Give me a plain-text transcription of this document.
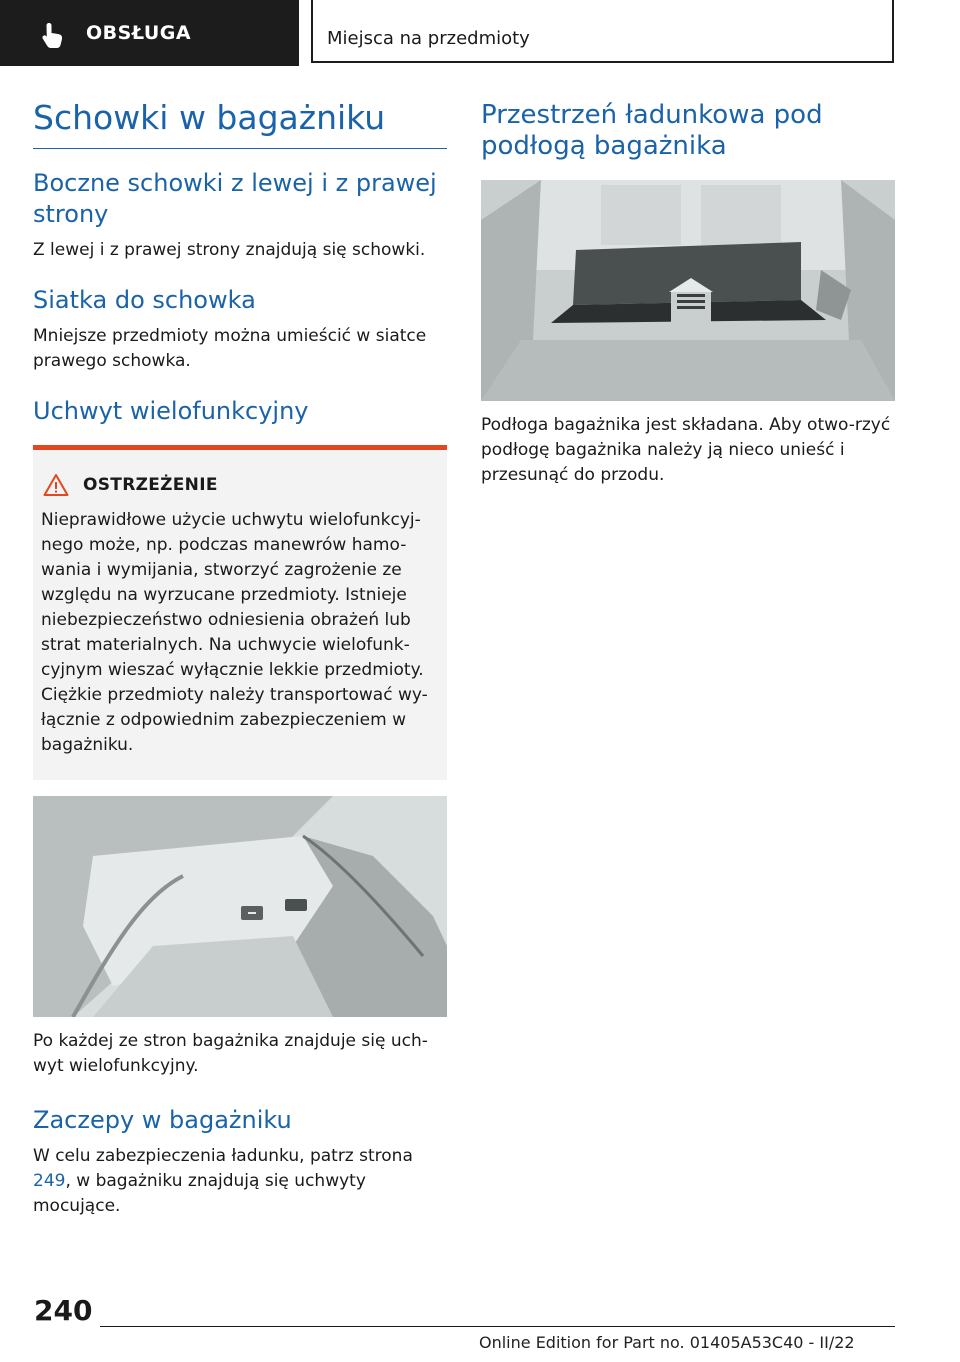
OBSŁUGA	Miejsca na przedmioty
Schowki w bagażniku
Boczne schowki z lewej i z prawej strony

Z lewej i z prawej strony znajdują się schowki.

Siatka do schowka

Mniejsze przedmioty można umieścić w siatce prawego schowka.

Uchwyt wielofunkcyjny
OSTRZEŻENIE

Nieprawidłowe użycie uchwytu wielofunkcyj-nego może, np. podczas manewrów hamo-wania i wymijania, stworzyć zagrożenie ze względu na wyrzucane przedmioty. Istnieje niebezpieczeństwo odniesienia obrażeń lub strat materialnych. Na uchwycie wielofunk-cyjnym wieszać wyłącznie lekkie przedmioty. Ciężkie przedmioty należy transportować wy-łącznie z odpowiednim zabezpieczeniem w bagażniku.

Po każdej ze stron bagażnika znajduje się uch-wyt wielofunkcyjny.

Zaczepy w bagażniku

W celu zabezpieczenia ładunku, patrz strona 249, w bagażniku znajdują się uchwyty mocujące.

Przestrzeń ładunkowa pod podłogą bagażnika

Podłoga bagażnika jest składana. Aby otwo-rzyć podłogę bagażnika należy ją nieco unieść i przesunąć do przodu.

240
Online Edition for Part no. 01405A53C40 - II/22
